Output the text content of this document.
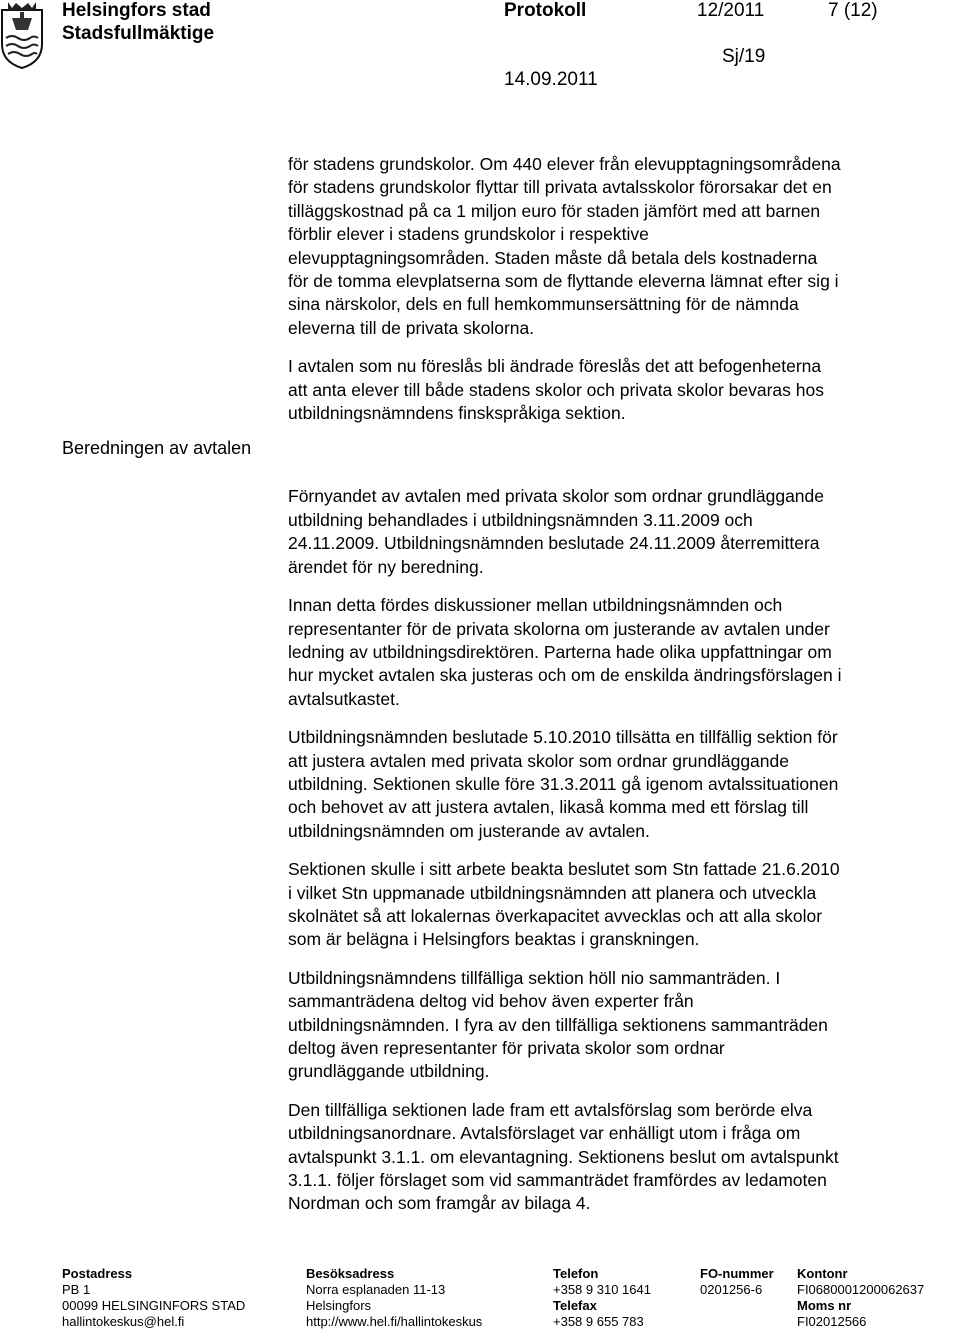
Helsingfors stad
Stadsfullmäktige
Protokoll	12/2011	7 (12)
Sj/19
14.09.2011
Beredningen av avtalen
för stadens grundskolor. Om 440 elever från elevupptagningsområdena
för stadens grundskolor flyttar till privata avtalsskolor förorsakar det en
tilläggskostnad på ca 1 miljon euro för staden jämfört med att barnen
förblir elever i stadens grundskolor i respektive
elevupptagningsområden. Staden måste då betala dels kostnaderna
för de tomma elevplatserna som de flyttande eleverna lämnat efter sig i
sina närskolor, dels en full hemkommunsersättning för de nämnda
eleverna till de privata skolorna.
I avtalen som nu föreslås bli ändrade föreslås det att befogenheterna
att anta elever till både stadens skolor och privata skolor bevaras hos
utbildningsnämndens finskspråkiga sektion.
Förnyandet av avtalen med privata skolor som ordnar grundläggande
utbildning behandlades i utbildningsnämnden 3.11.2009 och
24.11.2009. Utbildningsnämnden beslutade 24.11.2009 återremittera
ärendet för ny beredning.
Innan detta fördes diskussioner mellan utbildningsnämnden och
representanter för de privata skolorna om justerande av avtalen under
ledning av utbildningsdirektören. Parterna hade olika uppfattningar om
hur mycket avtalen ska justeras och om de enskilda ändringsförslagen i
avtalsutkastet.
Utbildningsnämnden beslutade 5.10.2010 tillsätta en tillfällig sektion för
att justera avtalen med privata skolor som ordnar grundläggande
utbildning. Sektionen skulle före 31.3.2011 gå igenom avtalssituationen
och behovet av att justera avtalen, likaså komma med ett förslag till
utbildningsnämnden om justerande av avtalen.
Sektionen skulle i sitt arbete beakta beslutet som Stn fattade 21.6.2010
i vilket Stn uppmanade utbildningsnämnden att planera och utveckla
skolnätet så att lokalernas överkapacitet avvecklas och att alla skolor
som är belägna i Helsingfors beaktas i granskningen.
Utbildningsnämndens tillfälliga sektion höll nio sammanträden. I
sammanträdena deltog vid behov även experter från
utbildningsnämnden. I fyra av den tillfälliga sektionens sammanträden
deltog även representanter för privata skolor som ordnar
grundläggande utbildning.
Den tillfälliga sektionen lade fram ett avtalsförslag som berörde elva
utbildningsanordnare. Avtalsförslaget var enhälligt utom i fråga om
avtalspunkt 3.1.1. om elevantagning. Sektionens beslut om avtalspunkt
3.1.1. följer förslaget som vid sammanträdet framfördes av ledamoten
Nordman och som framgår av bilaga 4.
Postadress
PB 1
00099 HELSINGINFORS STAD
hallintokeskus@hel.fi
Besöksadress
Norra esplanaden 11-13
Helsingfors
http://www.hel.fi/hallintokeskus
Telefon
+358 9 310 1641
Telefax
+358 9 655 783
FO-nummer
0201256-6
Kontonr
FI0680001200062637
Moms nr
FI02012566
